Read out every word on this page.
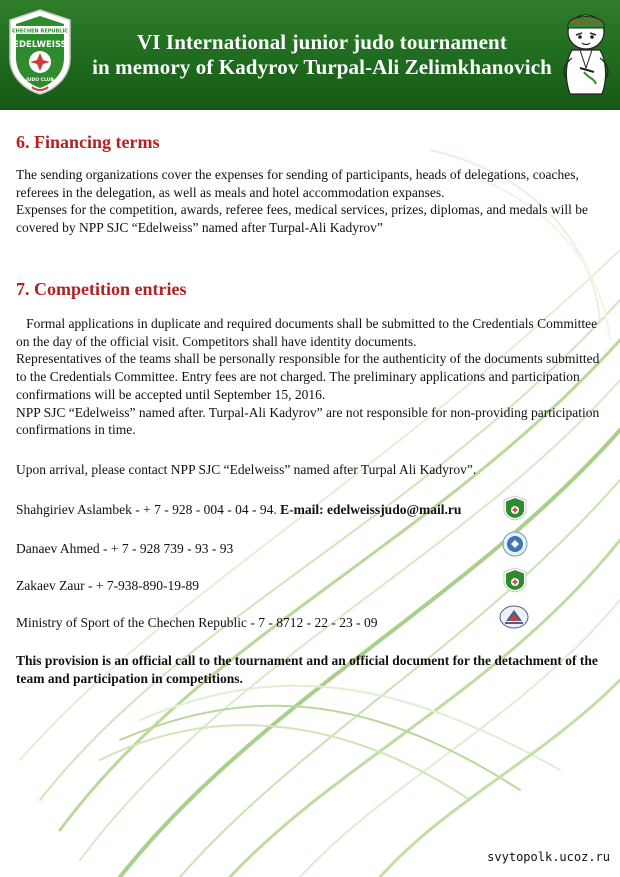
CHECHEN REPUBLIC
EDELWEISS
JUDO CLUB
VI International junior judo tournament
in memory of Kadyrov Turpal-Ali Zelimkhanovich
6. Financing terms

The sending organizations cover the expenses for sending of participants, heads of delegations, coaches, referees in the delegation, as well as meals and hotel accommodation expanses.

Expenses for the competition, awards, referee fees, medical services, prizes, diplomas, and medals will be covered by NPP SJC “Edelweiss” named after Turpal-Ali Kadyrov”

7. Competition entries

Formal applications in duplicate and required documents shall be submitted to the Credentials Committee on the day of the official visit. Competitors shall have identity documents.

Representatives of the teams shall be personally responsible for the authenticity of the documents submitted to the Credentials Committee. Entry fees are not charged. The preliminary applications and participation confirmations will be accepted until September 15, 2016.

NPP SJC “Edelweiss” named after. Turpal-Ali Kadyrov” are not responsible for non-providing participation confirmations in time.

Upon arrival, please contact NPP SJC “Edelweiss” named after Turpal Ali Kadyrov”.
Shahgiriev Aslambek - + 7 - 928 - 004 - 04 - 94. E-mail: edelweissjudo@mail.ru
Danaev Ahmed - + 7 - 928 739 - 93 - 93
Zakaev Zaur - + 7-938-890-19-89
Ministry of Sport of the Chechen Republic - 7 - 8712 - 22 - 23 - 09
This provision is an official call to the tournament and an official document for the detachment of the team and participation in competitions.
svytopolk.ucoz.ru
